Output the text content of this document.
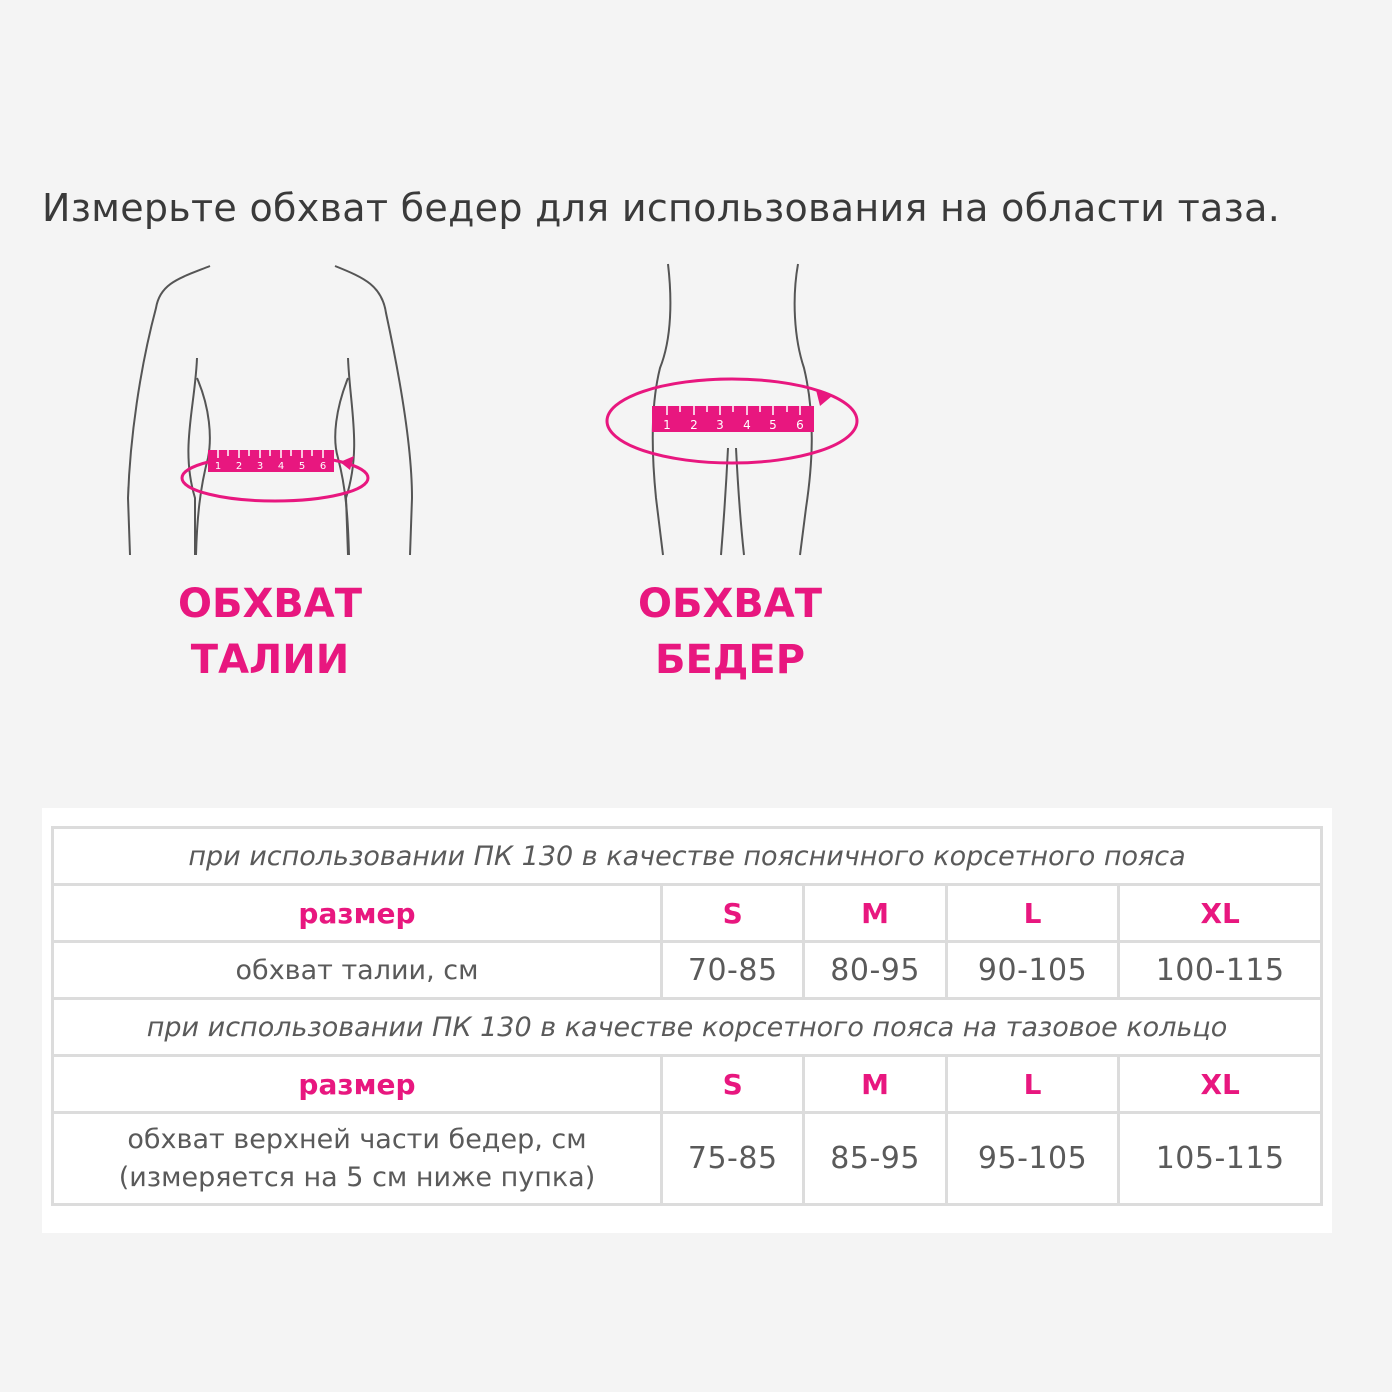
Измерьте обхват бедер для использования на области таза.
1 2 3 4 5 6
ОБХВАТ
ТАЛИИ
1 2 3 4 5 6
ОБХВАТ
БЕДЕР
при использовании ПК 130 в качестве поясничного корсетного пояса				
размер	S	M	L	XL
обхват талии, см	70-85	80-95	90-105	100-115
при использовании ПК 130 в качестве корсетного пояса на тазовое кольцо				
размер	S	M	L	XL

обхват верхней части бедер, см
(измеряется на 5 см ниже пупка)	75-85	85-95	95-105	105-115
